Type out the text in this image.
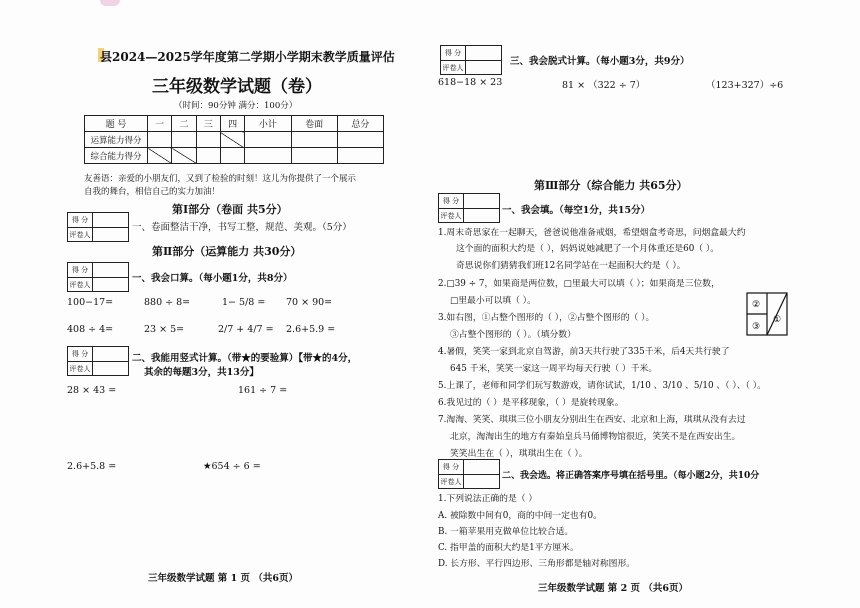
县2024—2025学年度第二学期小学期末教学质量评估
三年级数学试题（卷）
（时间：90分钟 满分：100分）
题 号	一	二	三	四	小计	卷面	总分
运算能力得分							
综合能力得分							
友善语：亲爱的小朋友们，又到了检验的时刻！这儿为你提供了一个展示
自我的舞台，相信自己的实力加油！
第Ⅰ部分（卷面 共5分）
得 分
评卷人
一、卷面整洁干净，书写工整，规范、美观。（5分）
第Ⅱ部分（运算能力 共30分）
得 分
评卷人
一、我会口算。（每小题1分，共8分）
100−17=	880 ÷ 8=	1− 5/8 = 70 × 90=
408 ÷ 4=	23 × 5=	2/7 + 4/7 = 2.6+5.9 =
得 分
评卷人
二、我能用竖式计算。（带★的要验算）【带★的4分，
其余的每题3分，共13分】
28 × 43 =	161 ÷ 7 =
2.6+5.8 =	★654 ÷ 6 =
三年级数学试题 第 1 页 （共6页）
得 分
评卷人
三、我会脱式计算。（每小题3分，共9分）
618−18 × 23	81 × （322 ÷ 7）	（123+327）÷6
第Ⅲ部分（综合能力 共65分）
得 分
评卷人	一、我会填。（每空1分，共15分）
1.周末奇思家在一起聊天，爸爸说他准备戒烟，希望烟盒考奇思，问烟盒最大约
这个面的面积大约是（ ），妈妈说她减肥了一个月体重还是60（ ）。
奇思说你们猜猜我们班12名同学站在一起面积大约是（ ）。
2.□39 ÷ 7，如果商是两位数，□里最大可以填（ ）；如果商是三位数，
□里最小可以填（ ）。
3.如右图，①占整个图形的（ ），②占整个图形的（ ）。
③占整个图形的（ ）。（填分数）
②
①
③
4.暑假，笑笑一家到北京自驾游，前3天共行驶了335千米，后4天共行驶了
645 千米，笑笑一家这一周平均每天行驶（ ）千米。
5.上课了，老师和同学们玩写数游戏，请你试试，1/10 、3/10 、5/10 、（ ）、（ ）。
6.我见过的（ ）是平移现象，（ ）是旋转现象。
7.淘淘、笑笑、琪琪三位小朋友分别出生在西安、北京和上海，琪琪从没有去过
北京，淘淘出生的地方有秦始皇兵马俑博物馆很近，笑笑不是在西安出生。
笑笑出生在（ ），琪琪出生在（ ）。
得 分
评卷人
二、我会选。将正确答案序号填在括号里。（每小题2分，共10分
1.下列说法正确的是（ ）
A. 被除数中间有0，商的中间一定也有0。
B. 一箱苹果用克做单位比较合适。
C. 指甲盖的面积大约是1平方厘米。
D. 长方形、平行四边形、三角形都是轴对称图形。
三年级数学试题 第 2 页 （共6页）
